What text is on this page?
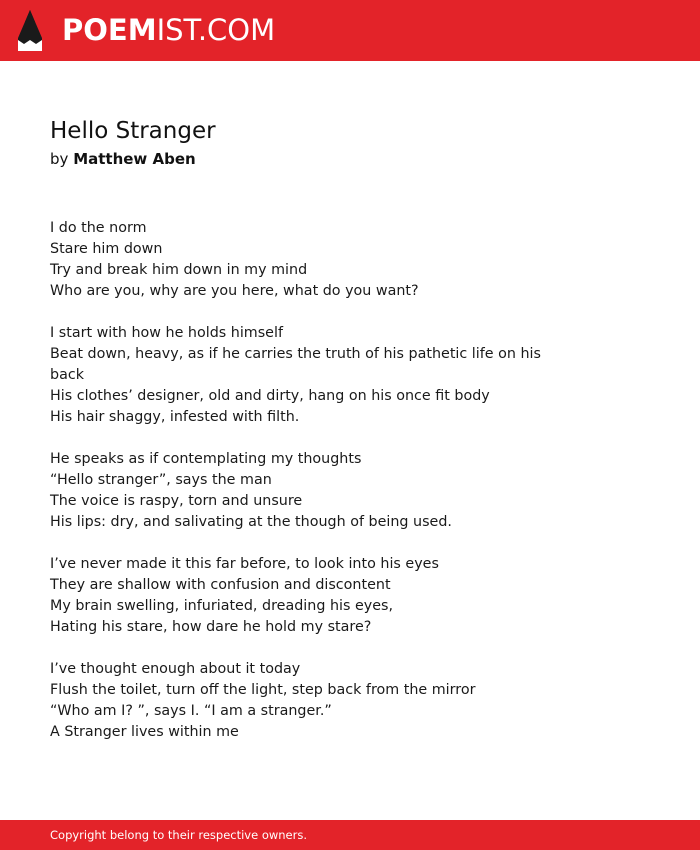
POEMIST.COM
Hello Stranger
by Matthew Aben
I do the norm
Stare him down
Try and break him down in my mind
Who are you, why are you here, what do you want?
I start with how he holds himself
Beat down, heavy, as if he carries the truth of his pathetic life on his
back
His clothes’ designer, old and dirty, hang on his once fit body
His hair shaggy, infested with filth.
He speaks as if contemplating my thoughts
“Hello stranger”, says the man
The voice is raspy, torn and unsure
His lips: dry, and salivating at the though of being used.
I’ve never made it this far before, to look into his eyes
They are shallow with confusion and discontent
My brain swelling, infuriated, dreading his eyes,
Hating his stare, how dare he hold my stare?
I’ve thought enough about it today
Flush the toilet, turn off the light, step back from the mirror
“Who am I? ”, says I. “I am a stranger.”
A Stranger lives within me
Copyright belong to their respective owners.
